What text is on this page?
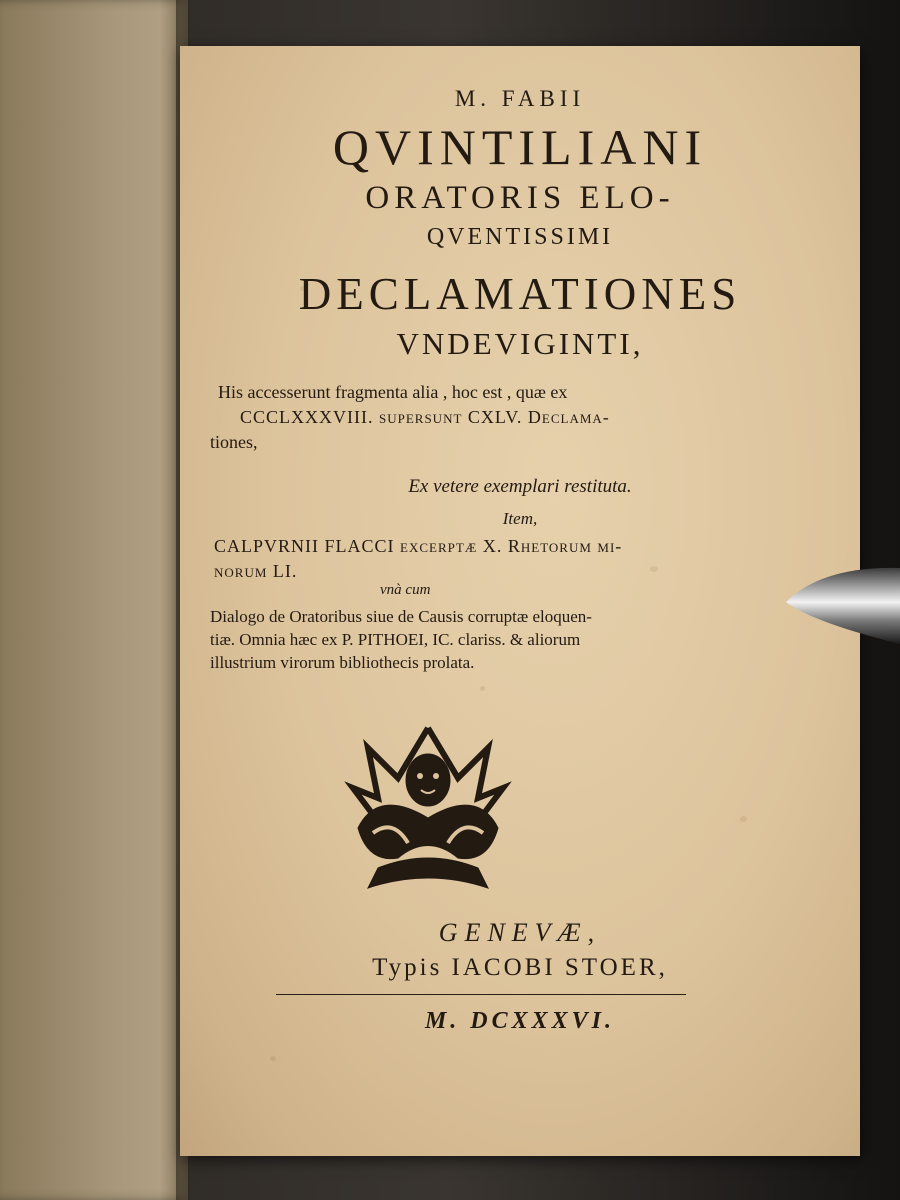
M. FABII
QVINTILIANI
ORATORIS ELO-
QVENTISSIMI
DECLAMATIONES
VNDEVIGINTI,
His accesserunt fragmenta alia , hoc est , quæ ex
CCCLXXXVIII. supersunt CXLV. Declama-
tiones,
Ex vetere exemplari restituta.
Item,
CALPVRNII FLACCI excerptæ X. Rhetorum mi-
norum LI.
vnà cum
Dialogo de Oratoribus siue de Causis corruptæ eloquen-
tiæ. Omnia hæc ex P. PITHOEI, IC. clariss. & aliorum
illustrium virorum bibliothecis prolata.
GENEVÆ,
Typis IACOBI STOER,
M. DCXXXVI.
